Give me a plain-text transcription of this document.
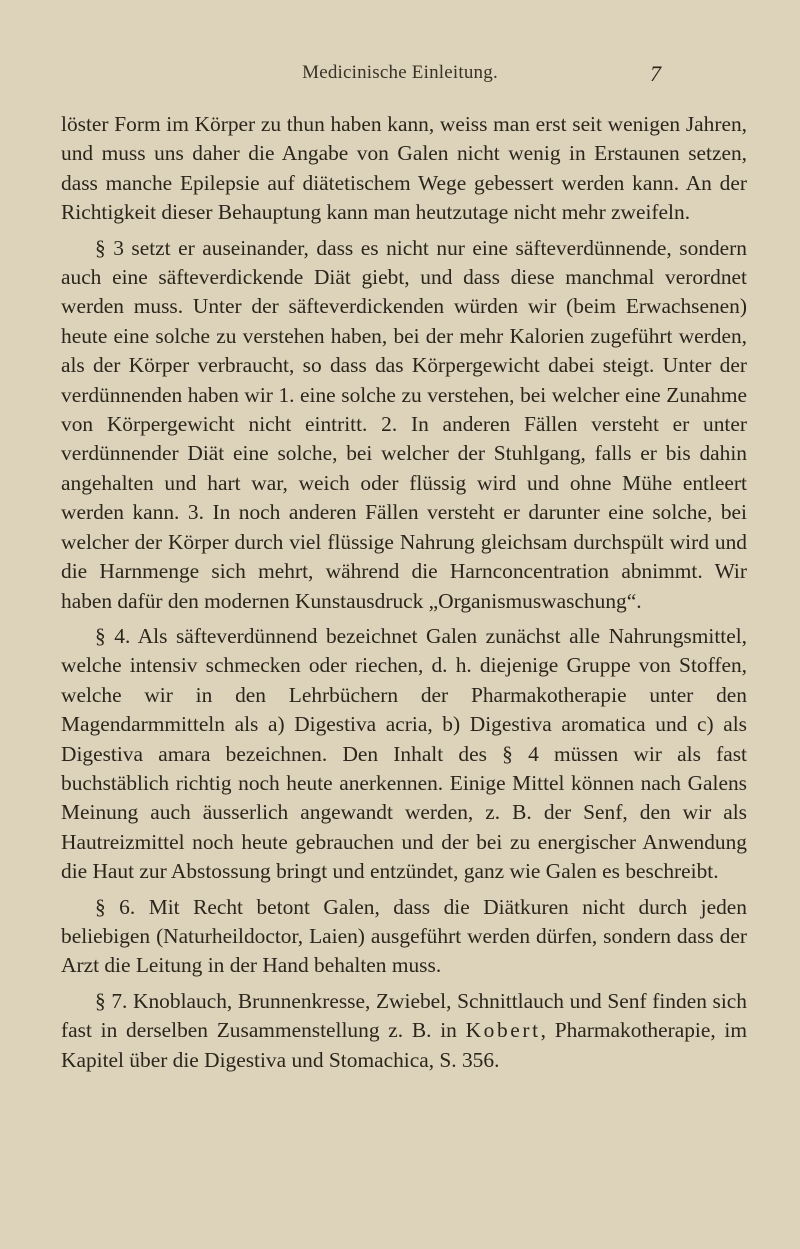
Medicinische Einleitung.	7

löster Form im Körper zu thun haben kann, weiss man erst seit wenigen Jahren, und muss uns daher die Angabe von Galen nicht wenig in Erstaunen setzen, dass manche Epilepsie auf diätetischem Wege gebessert werden kann. An der Richtigkeit dieser Behauptung kann man heutzutage nicht mehr zweifeln.

§ 3 setzt er auseinander, dass es nicht nur eine säfteverdünnende, sondern auch eine säfteverdickende Diät giebt, und dass diese manchmal verordnet werden muss. Unter der säfteverdickenden würden wir (beim Erwachsenen) heute eine solche zu verstehen haben, bei der mehr Kalorien zugeführt werden, als der Körper verbraucht, so dass das Körpergewicht dabei steigt. Unter der verdünnenden haben wir 1. eine solche zu verstehen, bei welcher eine Zunahme von Körpergewicht nicht eintritt. 2. In anderen Fällen versteht er unter verdünnender Diät eine solche, bei welcher der Stuhlgang, falls er bis dahin angehalten und hart war, weich oder flüssig wird und ohne Mühe entleert werden kann. 3. In noch anderen Fällen versteht er darunter eine solche, bei welcher der Körper durch viel flüssige Nahrung gleichsam durchspült wird und die Harnmenge sich mehrt, während die Harnconcentration abnimmt. Wir haben dafür den modernen Kunstausdruck „Organismuswaschung“.

§ 4. Als säfteverdünnend bezeichnet Galen zunächst alle Nahrungsmittel, welche intensiv schmecken oder riechen, d. h. diejenige Gruppe von Stoffen, welche wir in den Lehrbüchern der Pharmakotherapie unter den Magendarmmitteln als a) Digestiva acria, b) Digestiva aromatica und c) als Digestiva amara bezeichnen. Den Inhalt des § 4 müssen wir als fast buchstäblich richtig noch heute anerkennen. Einige Mittel können nach Galens Meinung auch äusserlich angewandt werden, z. B. der Senf, den wir als Hautreizmittel noch heute gebrauchen und der bei zu energischer Anwendung die Haut zur Abstossung bringt und entzündet, ganz wie Galen es beschreibt.

§ 6. Mit Recht betont Galen, dass die Diätkuren nicht durch jeden beliebigen (Naturheildoctor, Laien) ausgeführt werden dürfen, sondern dass der Arzt die Leitung in der Hand behalten muss.

§ 7. Knoblauch, Brunnenkresse, Zwiebel, Schnittlauch und Senf finden sich fast in derselben Zusammenstellung z. B. in Kobert, Pharmakotherapie, im Kapitel über die Digestiva und Stomachica, S. 356.
